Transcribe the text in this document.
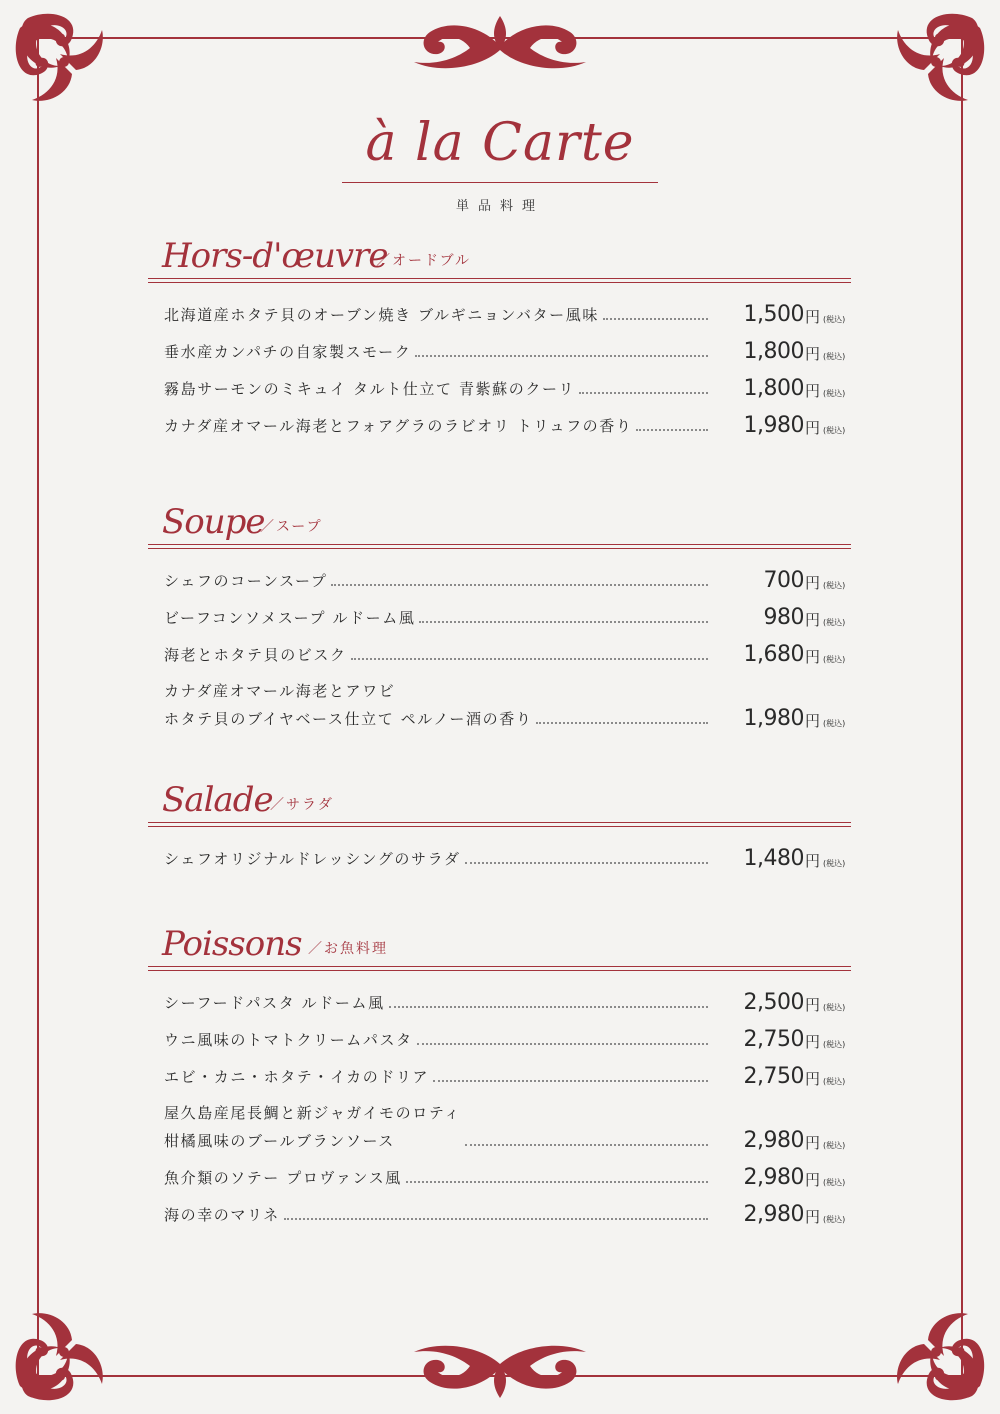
à la Carte
単品料理
Hors-d'œuvre
／オードブル
北海道産ホタテ貝のオーブン焼き ブルギニョンバター風味	1,500 円 (税込)
垂水産カンパチの自家製スモーク	1,800 円 (税込)
霧島サーモンのミキュイ タルト仕立て 青紫蘇のクーリ	1,800 円 (税込)
カナダ産オマール海老とフォアグラのラビオリ トリュフの香り	1,980 円 (税込)
Soupe
／スープ
シェフのコーンスープ	700 円 (税込)
ビーフコンソメスープ ルドーム風	980 円 (税込)
海老とホタテ貝のビスク	1,680 円 (税込)
カナダ産オマール海老とアワビ
ホタテ貝のブイヤベース仕立て ペルノー酒の香り	1,980 円 (税込)
Salade
／サラダ
シェフオリジナルドレッシングのサラダ	1,480 円 (税込)
Poissons ／お魚料理
シーフードパスタ ルドーム風	2,500 円 (税込)
ウニ風味のトマトクリームパスタ	2,750 円 (税込)
エビ・カニ・ホタテ・イカのドリア	2,750 円 (税込)
屋久島産尾長鯛と新ジャガイモのロティ
柑橘風味のブールブランソース	2,980 円 (税込)
魚介類のソテー プロヴァンス風	2,980 円 (税込)
海の幸のマリネ	2,980 円 (税込)
